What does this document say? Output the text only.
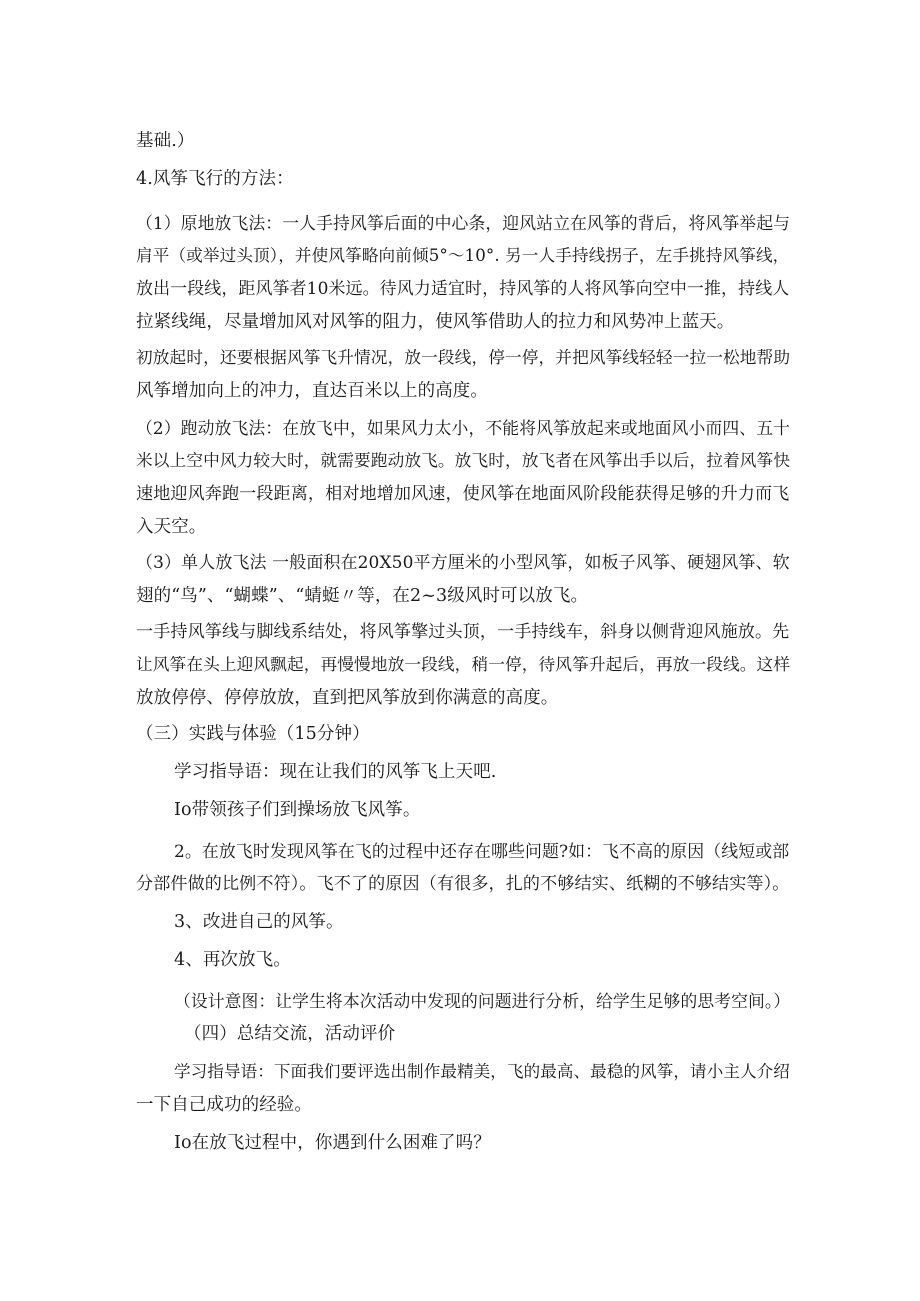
基础.）

4.风筝飞行的方法：

（1）原地放飞法：一人手持风筝后面的中心条，迎风站立在风筝的背后，将风筝举起与

肩平（或举过头顶），并使风筝略向前倾5°～10°. 另一人手持线拐子，左手挑持风筝线，

放出一段线，距风筝者10米远。待风力适宜时，持风筝的人将风筝向空中一推，持线人

拉紧线绳，尽量增加风对风筝的阻力，使风筝借助人的拉力和风势冲上蓝天。

初放起时，还要根据风筝飞升情况，放一段线，停一停，并把风筝线轻轻一拉一松地帮助

风筝增加向上的冲力，直达百米以上的高度。

（2）跑动放飞法：在放飞中，如果风力太小，不能将风筝放起来或地面风小而四、五十

米以上空中风力较大时，就需要跑动放飞。放飞时，放飞者在风筝出手以后，拉着风筝快

速地迎风奔跑一段距离，相对地增加风速，使风筝在地面风阶段能获得足够的升力而飞

入天空。

（3）单人放飞法 一般面积在20X50平方厘米的小型风筝，如板子风筝、硬翅风筝、软

翅的“鸟”、“蝴蝶”、“蜻蜓〃等，在2~3级风时可以放飞。

一手持风筝线与脚线系结处，将风筝擎过头顶，一手持线车，斜身以侧背迎风施放。先

让风筝在头上迎风飘起，再慢慢地放一段线，稍一停，待风筝升起后，再放一段线。这样

放放停停、停停放放，直到把风筝放到你满意的高度。

（三）实践与体验（15分钟）

学习指导语：现在让我们的风筝飞上天吧.

Io带领孩子们到操场放飞风筝。

2。在放飞时发现风筝在飞的过程中还存在哪些问题?如：飞不高的原因（线短或部

分部件做的比例不符）。飞不了的原因（有很多，扎的不够结实、纸糊的不够结实等）。

3、改进自己的风筝。

4、再次放飞。

（设计意图：让学生将本次活动中发现的问题进行分析，给学生足够的思考空间。）

（四）总结交流，活动评价

学习指导语：下面我们要评选出制作最精美，飞的最高、最稳的风筝，请小主人介绍

一下自己成功的经验。

Io在放飞过程中，你遇到什么困难了吗？
